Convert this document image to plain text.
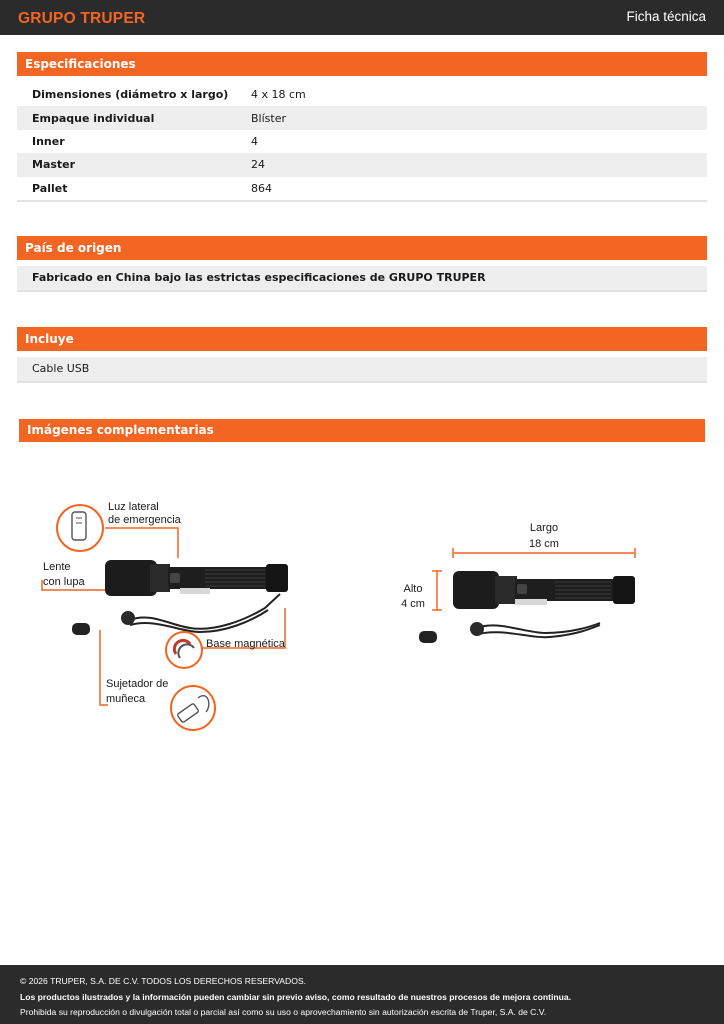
GRUPO TRUPER	Ficha técnica
Especificaciones
Dimensiones (diámetro x largo)	4 x 18 cm
Empaque individual	Blíster
Inner	4
Master	24
Pallet	864
País de origen
Fabricado en China bajo las estrictas especificaciones de GRUPO TRUPER
Incluye
Cable USB
Imágenes complementarias
Luz lateral
de emergencia
Lente
con lupa
Base magnética
Sujetador de
muñeca
Largo
18 cm
Alto
4 cm
© 2026 TRUPER, S.A. DE C.V. TODOS LOS DERECHOS RESERVADOS.
Los productos ilustrados y la información pueden cambiar sin previo aviso, como resultado de nuestros procesos de mejora continua.
Prohibida su reproducción o divulgación total o parcial así como su uso o aprovechamiento sin autorización escrita de Truper, S.A. de C.V.
